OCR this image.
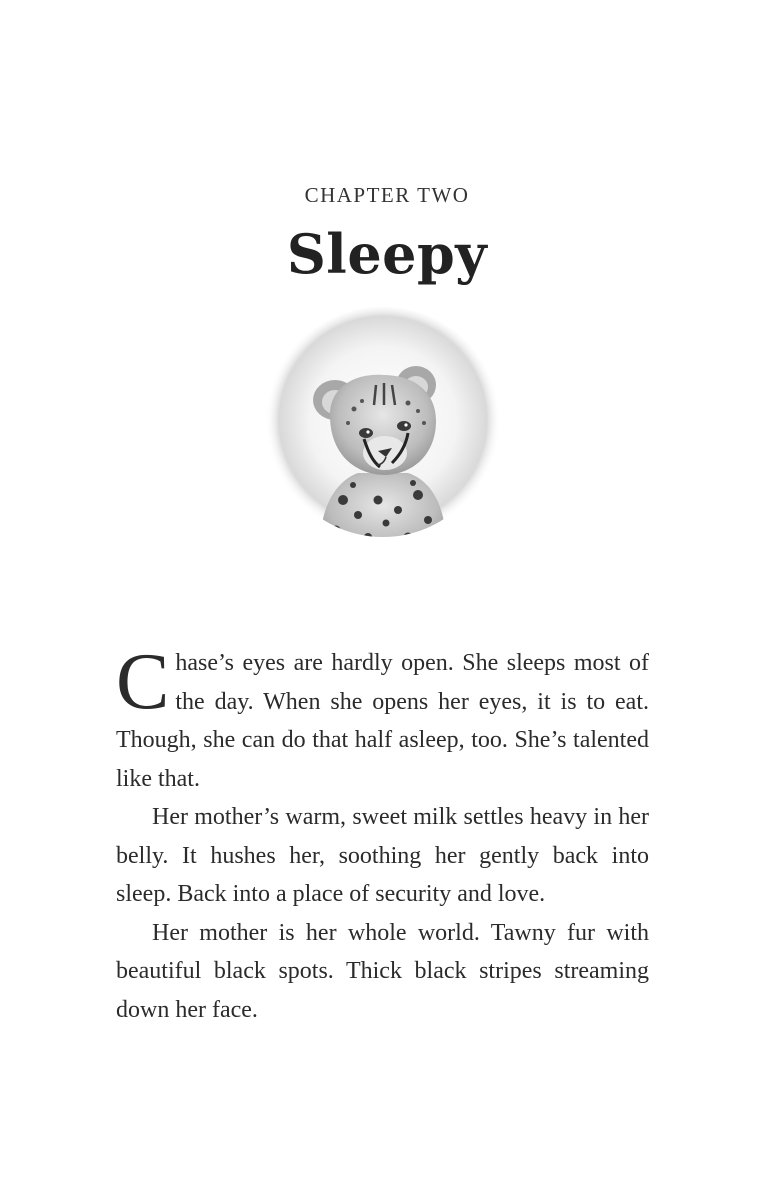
CHAPTER TWO
Sleepy

Chase’s eyes are hardly open. She sleeps most of the day. When she opens her eyes, it is to eat. Though, she can do that half asleep, too. She’s talented like that.

Her mother’s warm, sweet milk settles heavy in her belly. It hushes her, soothing her gently back into sleep. Back into a place of security and love.

Her mother is her whole world. Tawny fur with beautiful black spots. Thick black stripes streaming down her face.
